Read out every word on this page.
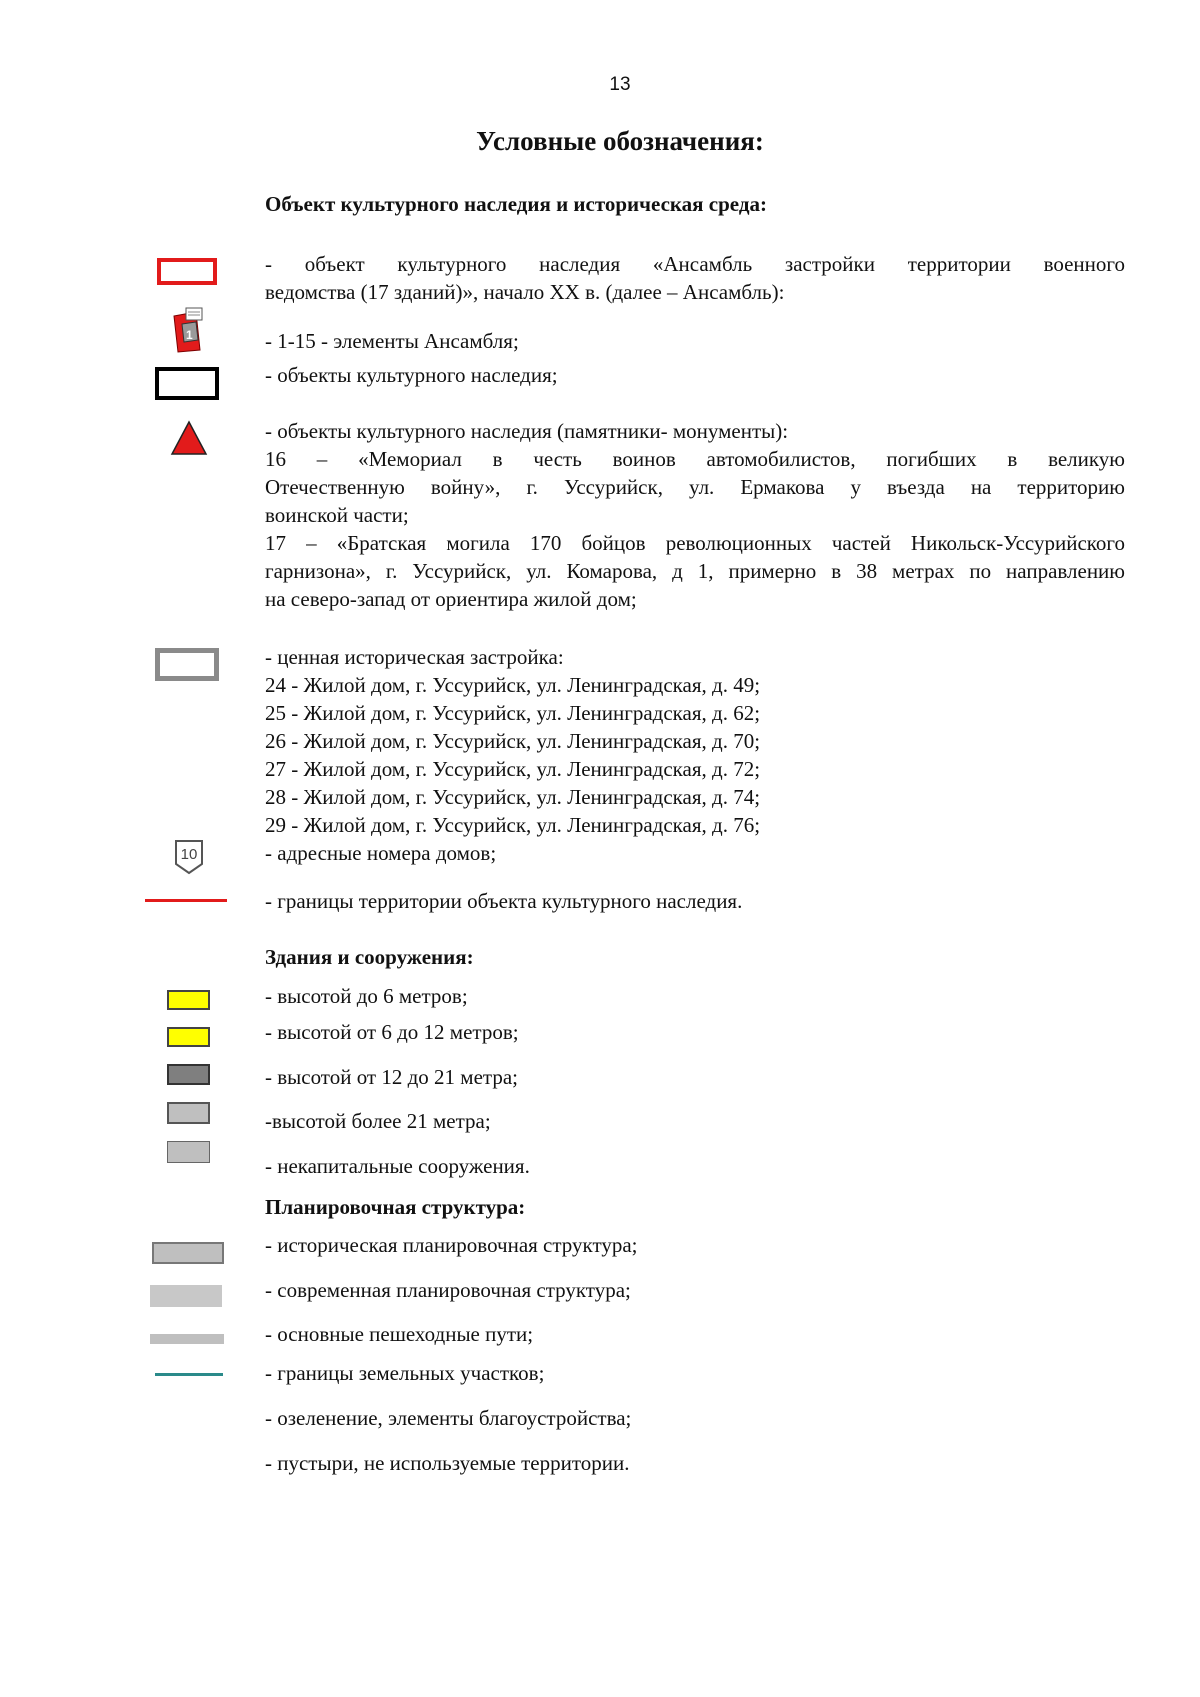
13
Условные обозначения:
Объект культурного наследия и историческая среда:
- объект культурного наследия «Ансамбль застройки территории военного
ведомства (17 зданий)», начало XX в. (далее – Ансамбль):
1	- 1-15 - элементы Ансамбля;
- объекты культурного наследия;
- объекты культурного наследия (памятники- монументы):
16 – «Мемориал в честь воинов автомобилистов, погибших в великую
Отечественную войну», г. Уссурийск, ул. Ермакова у въезда на территорию
воинской части;
17 – «Братская могила 170 бойцов революционных частей Никольск-Уссурийского
гарнизона», г. Уссурийск, ул. Комарова, д 1, примерно в 38 метрах по направлению
на северо-запад от ориентира жилой дом;
- ценная историческая застройка:
24 - Жилой дом, г. Уссурийск, ул. Ленинградская, д. 49;
25 - Жилой дом, г. Уссурийск, ул. Ленинградская, д. 62;
26 - Жилой дом, г. Уссурийск, ул. Ленинградская, д. 70;
27 - Жилой дом, г. Уссурийск, ул. Ленинградская, д. 72;
28 - Жилой дом, г. Уссурийск, ул. Ленинградская, д. 74;
29 - Жилой дом, г. Уссурийск, ул. Ленинградская, д. 76;
10	- адресные номера домов;
- границы территории объекта культурного наследия.
Здания и сооружения:
- высотой до 6 метров;
- высотой от 6 до 12 метров;
- высотой от 12 до 21 метра;
-высотой более 21 метра;
- некапитальные сооружения.
Планировочная структура:
- историческая планировочная структура;
- современная планировочная структура;
- основные пешеходные пути;
- границы земельных участков;
- озеленение, элементы благоустройства;
- пустыри, не используемые территории.
